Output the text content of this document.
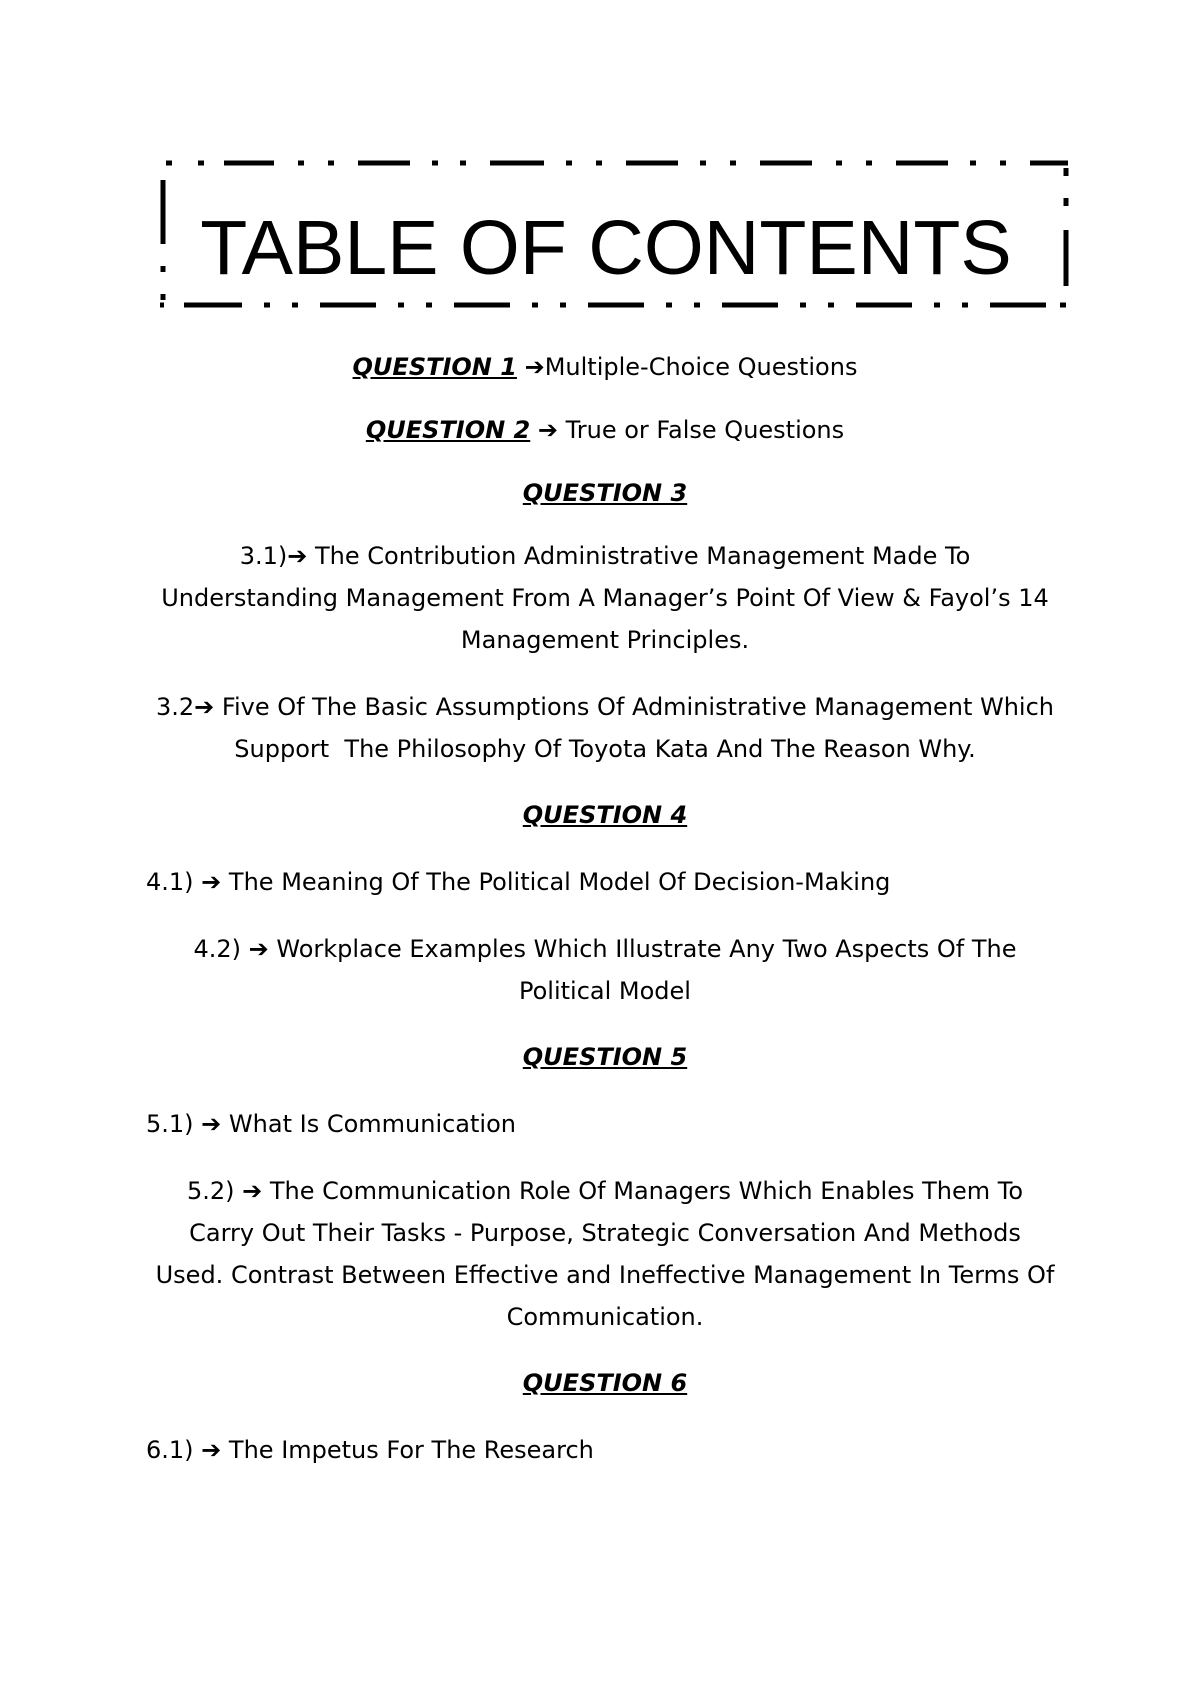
TABLE OF CONTENTS
QUESTION 1 ➔Multiple-Choice Questions
QUESTION 2 ➔ True or False Questions
QUESTION 3
3.1)➔ The Contribution Administrative Management Made To
Understanding Management From A Manager’s Point Of View & Fayol’s 14
Management Principles.
3.2➔ Five Of The Basic Assumptions Of Administrative Management Which
Support  The Philosophy Of Toyota Kata And The Reason Why.
QUESTION 4
4.1) ➔ The Meaning Of The Political Model Of Decision-Making
4.2) ➔ Workplace Examples Which Illustrate Any Two Aspects Of The
Political Model
QUESTION 5
5.1) ➔ What Is Communication
5.2) ➔ The Communication Role Of Managers Which Enables Them To
Carry Out Their Tasks - Purpose, Strategic Conversation And Methods
Used. Contrast Between Effective and Ineffective Management In Terms Of
Communication.
QUESTION 6
6.1) ➔ The Impetus For The Research
